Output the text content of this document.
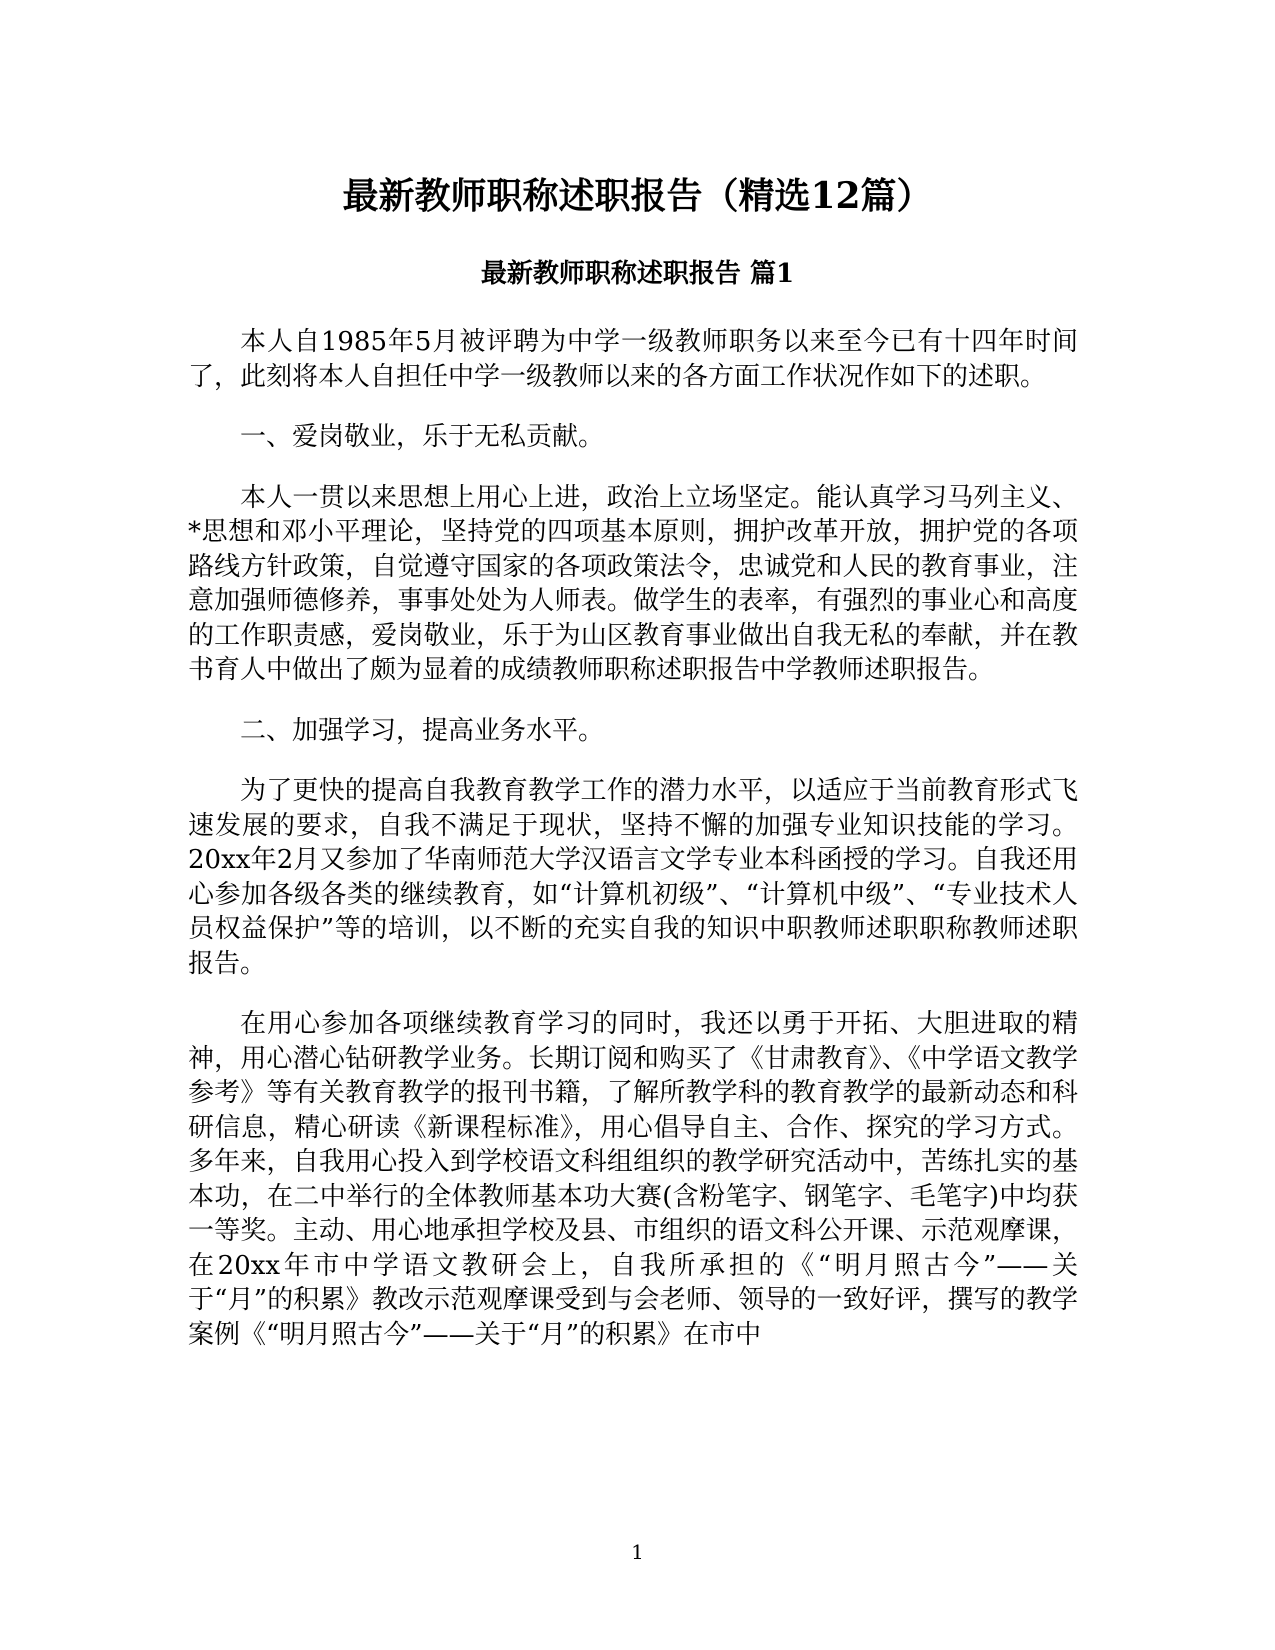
最新教师职称述职报告（精选12篇）
最新教师职称述职报告 篇1

本人自1985年5月被评聘为中学一级教师职务以来至今已有十四年时间了，此刻将本人自担任中学一级教师以来的各方面工作状况作如下的述职。

一、爱岗敬业，乐于无私贡献。

本人一贯以来思想上用心上进，政治上立场坚定。能认真学习马列主义、*思想和邓小平理论，坚持党的四项基本原则，拥护改革开放，拥护党的各项路线方针政策，自觉遵守国家的各项政策法令，忠诚党和人民的教育事业，注意加强师德修养，事事处处为人师表。做学生的表率，有强烈的事业心和高度的工作职责感，爱岗敬业，乐于为山区教育事业做出自我无私的奉献，并在教书育人中做出了颇为显着的成绩教师职称述职报告中学教师述职报告。

二、加强学习，提高业务水平。

为了更快的提高自我教育教学工作的潜力水平，以适应于当前教育形式飞速发展的要求，自我不满足于现状，坚持不懈的加强专业知识技能的学习。20xx年2月又参加了华南师范大学汉语言文学专业本科函授的学习。自我还用心参加各级各类的继续教育，如“计算机初级”、“计算机中级”、“专业技术人员权益保护”等的培训，以不断的充实自我的知识中职教师述职职称教师述职报告。

在用心参加各项继续教育学习的同时，我还以勇于开拓、大胆进取的精神，用心潜心钻研教学业务。长期订阅和购买了《甘肃教育》、《中学语文教学参考》等有关教育教学的报刊书籍，了解所教学科的教育教学的最新动态和科研信息，精心研读《新课程标准》，用心倡导自主、合作、探究的学习方式。多年来，自我用心投入到学校语文科组组织的教学研究活动中，苦练扎实的基本功，在二中举行的全体教师基本功大赛(含粉笔字、钢笔字、毛笔字)中均获一等奖。主动、用心地承担学校及县、市组织的语文科公开课、示范观摩课，在20xx年市中学语文教研会上，自我所承担的《“明月照古今”——关于“月”的积累》教改示范观摩课受到与会老师、领导的一致好评，撰写的教学案例《“明月照古今”——关于“月”的积累》在市中

1
